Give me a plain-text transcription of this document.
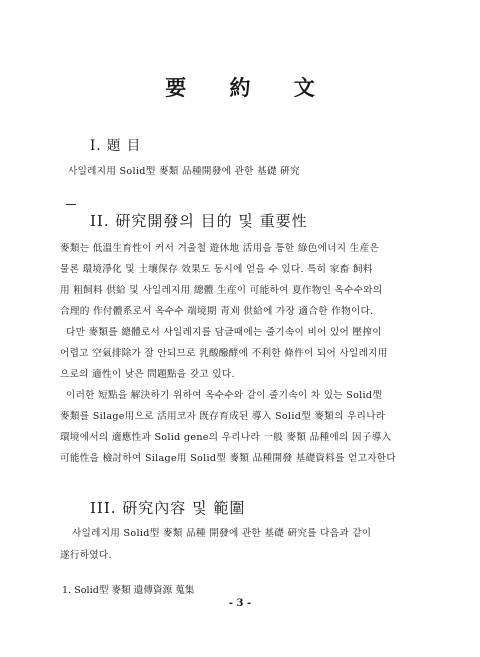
要 約 文
I. 題 目
사일레지用 Solid型 麥類 品種開發에 관한 基礎 硏究
II. 硏究開發의 目的 및 重要性
麥類는 低溫生育性이 커서 겨울철 遊休地 活用을 통한 綠色에너지 生産은
물론 環境淨化 및 土壤保存 效果도 동시에 얻을 수 있다. 특히 家畜 飼料
用 粗飼料 供給 및 사일레지用 總體 生産이 可能하여 夏作物인 옥수수와의
合理的 作付體系로서 옥수수 端境期 靑刈 供給에 가장 適合한 作物이다.
다만 麥類를 總體로서 사일레지를 담글때에는 줄기속이 비어 있어 壓搾이
어렵고 空氣排除가 잘 안되므로 乳酸醱酵에 不利한 條件이 되어 사일레지用
으로의 適性이 낮은 問題點을 갖고 있다.
이러한 短點을 解決하기 위하여 옥수수와 같이 줄기속이 차 있는 Solid型
麥類를 Silage用으로 活用코자 旣存育成된 導入 Solid型 麥類의 우리나라
環境에서의 適應性과 Solid gene의 우리나라 一般 麥類 品種에의 因子導入
可能性을 檢討하여 Silage用 Solid型 麥類 品種開發 基礎資料를 얻고자한다
III. 硏究內容 및 範圍
사일레지用 Solid型 麥類 品種 開發에 관한 基礎 硏究를 다음과 같이
遂行하였다.
1. Solid型 麥類 遺傳資源 蒐集
- 3 -
